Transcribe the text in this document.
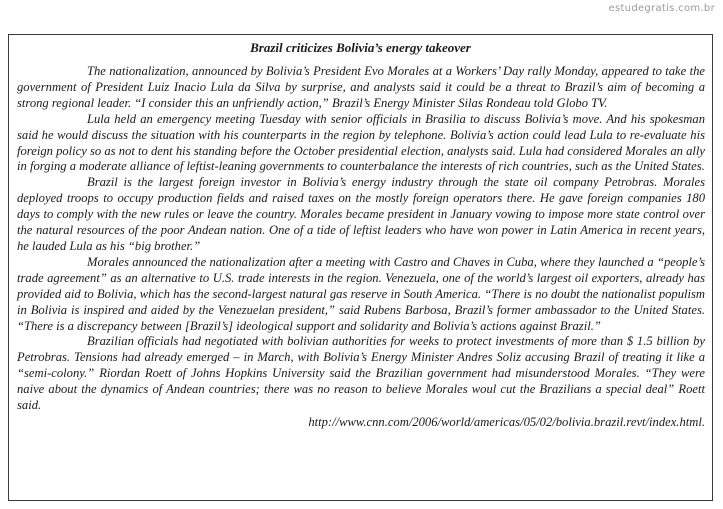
estudegratis.com.br
Brazil criticizes Bolivia’s energy takeover

The nationalization, announced by Bolivia’s President Evo Morales at a Workers’ Day rally Monday, appeared to take the government of President Luiz Inacio Lula da Silva by surprise, and analysts said it could be a threat to Brazil’s aim of becoming a strong regional leader. “I consider this an unfriendly action,” Brazil’s Energy Minister Silas Rondeau told Globo TV.

Lula held an emergency meeting Tuesday with senior officials in Brasilia to discuss Bolivia’s move. And his spokesman said he would discuss the situation with his counterparts in the region by telephone. Bolivia’s action could lead Lula to re-evaluate his foreign policy so as not to dent his standing before the October presidential election, analysts said. Lula had considered Morales an ally in forging a moderate alliance of leftist-leaning governments to counterbalance the interests of rich countries, such as the United States.

Brazil is the largest foreign investor in Bolivia’s energy industry through the state oil company Petrobras. Morales deployed troops to occupy production fields and raised taxes on the mostly foreign operators there. He gave foreign companies 180 days to comply with the new rules or leave the country. Morales became president in January vowing to impose more state control over the natural resources of the poor Andean nation. One of a tide of leftist leaders who have won power in Latin America in recent years, he lauded Lula as his “big brother.”

Morales announced the nationalization after a meeting with Castro and Chaves in Cuba, where they launched a “people’s trade agreement” as an alternative to U.S. trade interests in the region. Venezuela, one of the world’s largest oil exporters, already has provided aid to Bolivia, which has the second-largest natural gas reserve in South America. “There is no doubt the nationalist populism in Bolivia is inspired and aided by the Venezuelan president,” said Rubens Barbosa, Brazil’s former ambassador to the United States. “There is a discrepancy between [Brazil’s] ideological support and solidarity and Bolivia’s actions against Brazil.”

Brazilian officials had negotiated with bolivian authorities for weeks to protect investments of more than $ 1.5 billion by Petrobras. Tensions had already emerged – in March, with Bolivia’s Energy Minister Andres Soliz accusing Brazil of treating it like a “semi-colony.” Riordan Roett of Johns Hopkins University said the Brazilian government had misunderstood Morales. “They were naive about the dynamics of Andean countries; there was no reason to believe Morales woul cut the Brazilians a special deal” Roett said.

http://www.cnn.com/2006/world/americas/05/02/bolivia.brazil.revt/index.html.
